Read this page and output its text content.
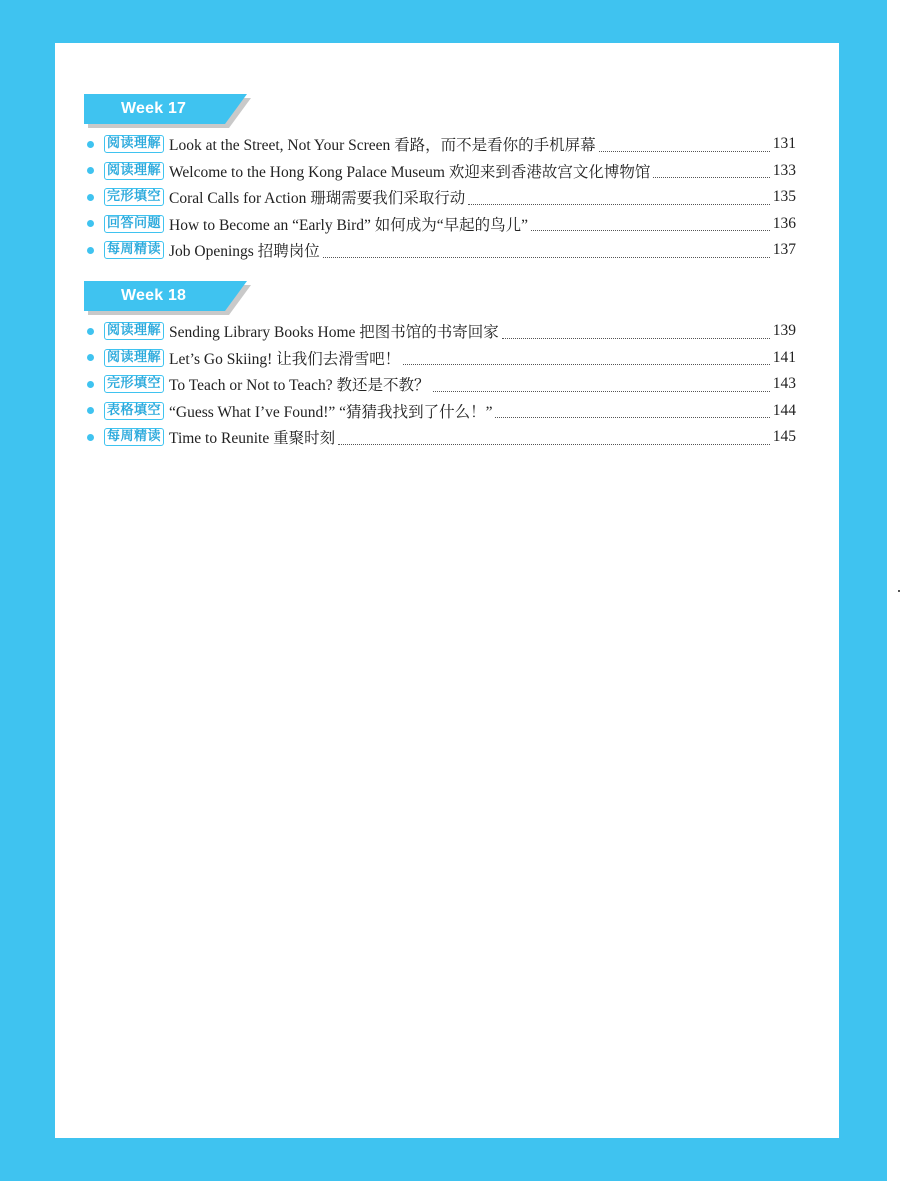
Week 17
阅读理解 Look at the Street, Not Your Screen 看路，而不是看你的手机屏幕	131
阅读理解 Welcome to the Hong Kong Palace Museum 欢迎来到香港故宫文化博物馆	133
完形填空 Coral Calls for Action 珊瑚需要我们采取行动	135
回答问题 How to Become an “Early Bird” 如何成为“早起的鸟儿”	136
每周精读 Job Openings 招聘岗位	137
Week 18
阅读理解 Sending Library Books Home 把图书馆的书寄回家	139
阅读理解 Let’s Go Skiing! 让我们去滑雪吧！	141
完形填空 To Teach or Not to Teach? 教还是不教？	143
表格填空 “Guess What I’ve Found!” “猜猜我找到了什么！”	144
每周精读 Time to Reunite 重聚时刻	145
